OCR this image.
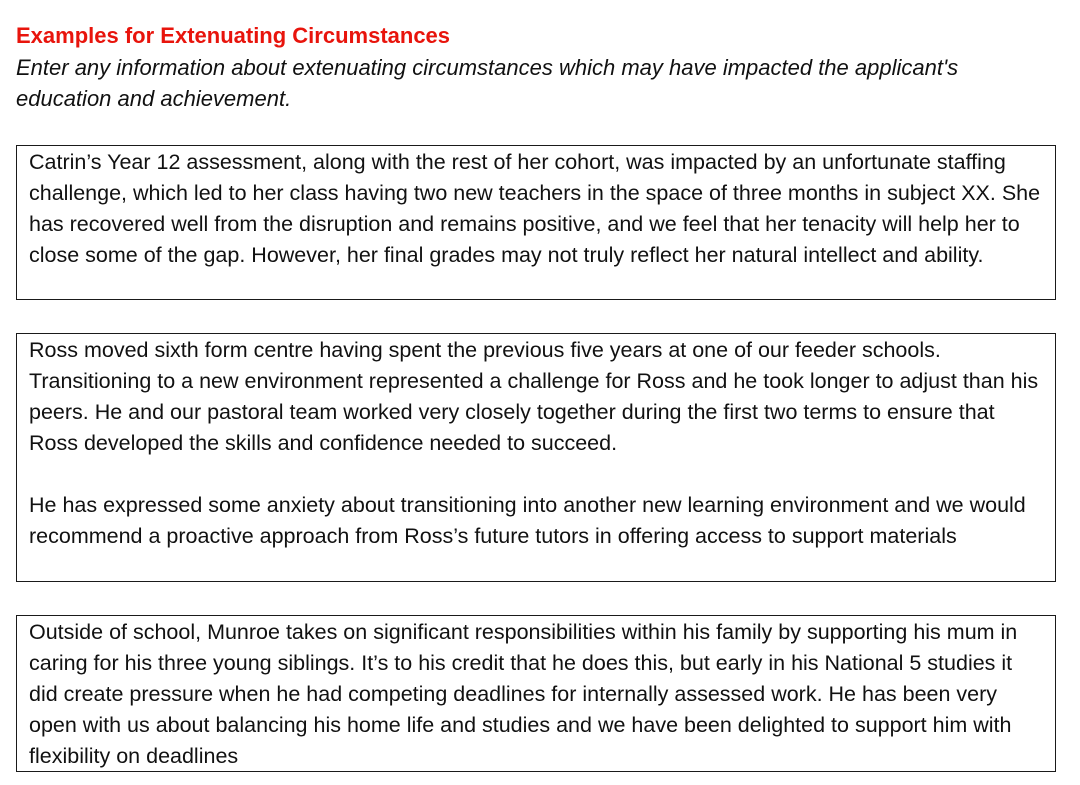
Examples for Extenuating Circumstances
Enter any information about extenuating circumstances which may have impacted the applicant's education and achievement.

Catrin’s Year 12 assessment, along with the rest of her cohort, was impacted by an unfortunate staffing challenge, which led to her class having two new teachers in the space of three months in subject XX. She has recovered well from the disruption and remains positive, and we feel that her tenacity will help her to close some of the gap. However, her final grades may not truly reflect her natural intellect and ability.

Ross moved sixth form centre having spent the previous five years at one of our feeder schools. Transitioning to a new environment represented a challenge for Ross and he took longer to adjust than his peers. He and our pastoral team worked very closely together during the first two terms to ensure that Ross developed the skills and confidence needed to succeed.

He has expressed some anxiety about transitioning into another new learning environment and we would recommend a proactive approach from Ross’s future tutors in offering access to support materials

Outside of school, Munroe takes on significant responsibilities within his family by supporting his mum in caring for his three young siblings. It’s to his credit that he does this, but early in his National 5 studies it did create pressure when he had competing deadlines for internally assessed work. He has been very open with us about balancing his home life and studies and we have been delighted to support him with flexibility on deadlines
